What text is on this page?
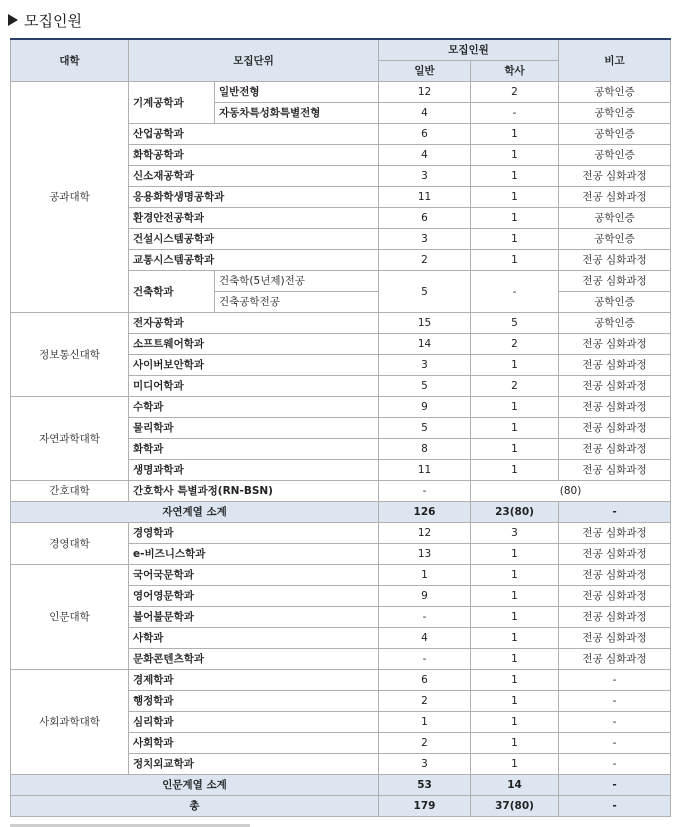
모집인원
대학	모집단위		모집인원		비고
			일반	학사	
공과대학	기계공학과	일반전형	12	2	공학인증
		자동차특성화특별전형	4	-	공학인증
	산업공학과		6	1	공학인증
	화학공학과		4	1	공학인증
	신소재공학과		3	1	전공 심화과정
	응용화학생명공학과		11	1	전공 심화과정
	환경안전공학과		6	1	공학인증
	건설시스템공학과		3	1	공학인증
	교통시스템공학과		2	1	전공 심화과정
	건축학과	건축학(5년제)전공	5	-	전공 심화과정
		건축공학전공			공학인증
정보통신대학	전자공학과		15	5	공학인증
	소프트웨어학과		14	2	전공 심화과정
	사이버보안학과		3	1	전공 심화과정
	미디어학과		5	2	전공 심화과정
자연과학대학	수학과		9	1	전공 심화과정
	물리학과		5	1	전공 심화과정
	화학과		8	1	전공 심화과정
	생명과학과		11	1	전공 심화과정
간호대학	간호학사 특별과정(RN-BSN)		-	(80)	
자연계열 소계			126	23(80)	-
경영대학	경영학과		12	3	전공 심화과정
	e-비즈니스학과		13	1	전공 심화과정
인문대학	국어국문학과		1	1	전공 심화과정
	영어영문학과		9	1	전공 심화과정
	불어불문학과		-	1	전공 심화과정
	사학과		4	1	전공 심화과정
	문화콘텐츠학과		-	1	전공 심화과정
사회과학대학	경제학과		6	1	-
	행정학과		2	1	-
	심리학과		1	1	-
	사회학과		2	1	-
	정치외교학과		3	1	-
인문계열 소계			53	14	-
총			179	37(80)	-
